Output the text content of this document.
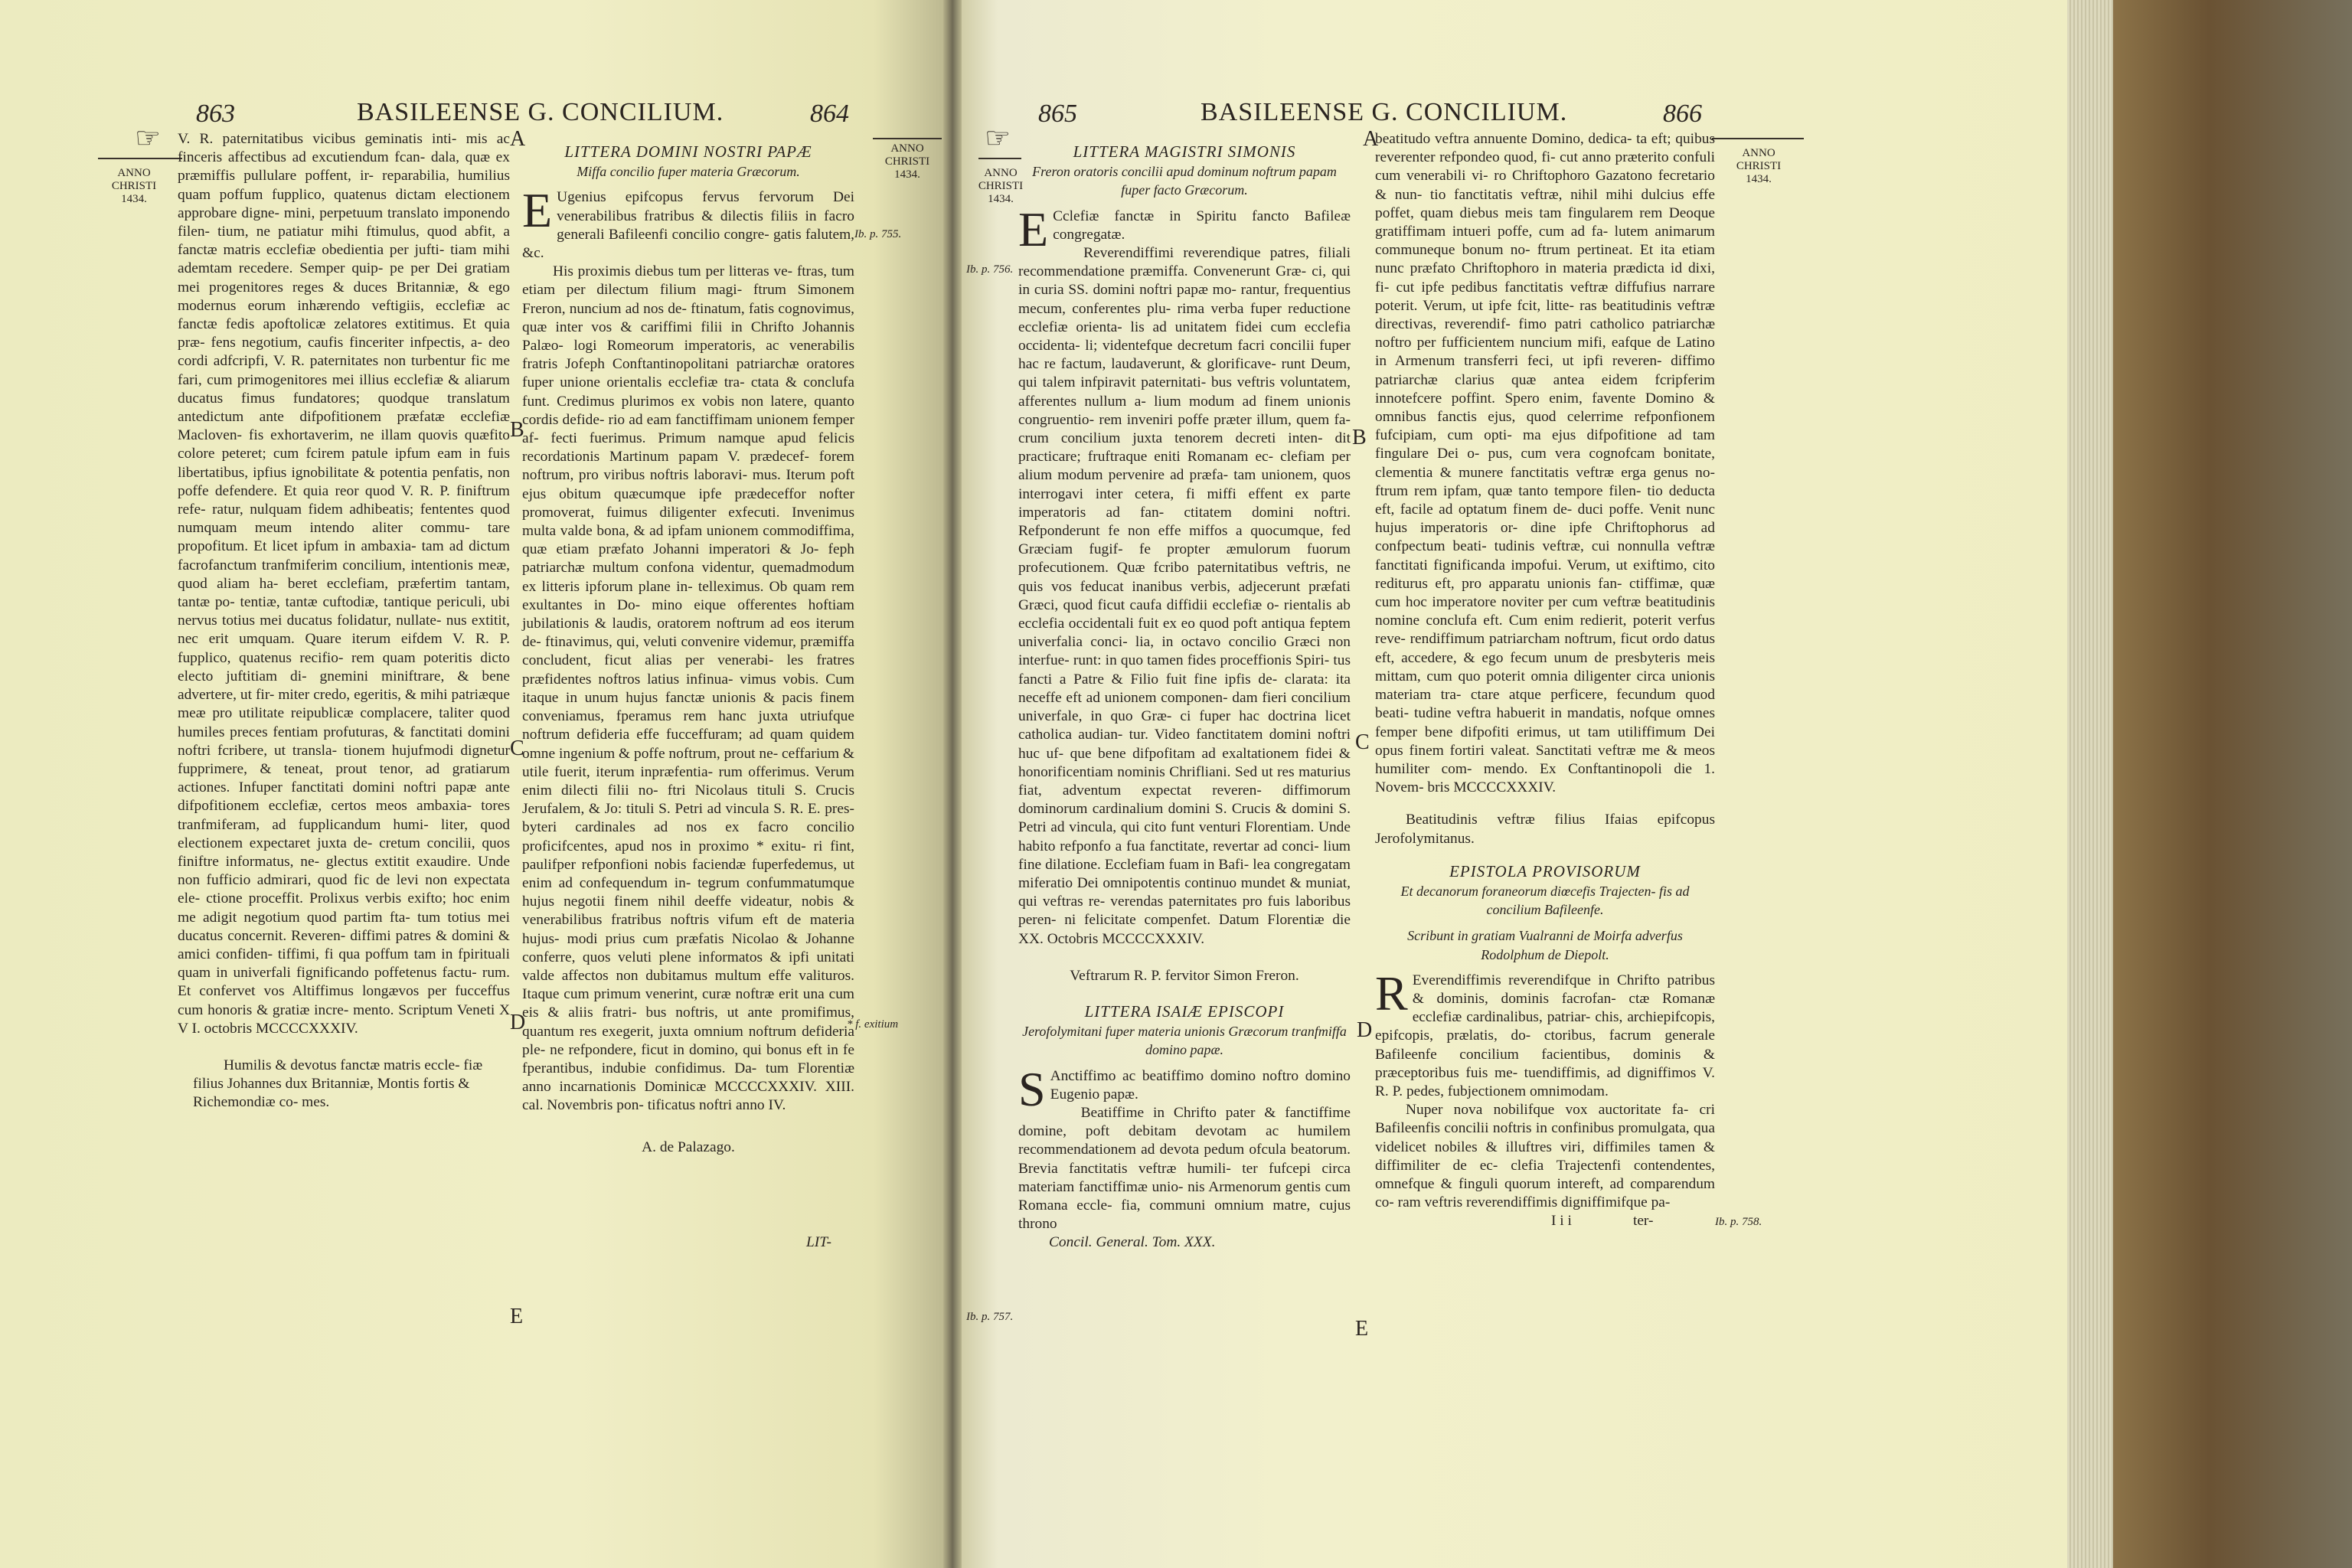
☞
863	BASILEENSE G. CONCILIUM.	864
ANNO CHRISTI 1434.
ANNO CHRISTI 1434.
A
B
C
D
E
Ib. p. 755.
* f. exitium

V. R. paternitatibus vicibus geminatis inti- mis ac finceris affectibus ad excutiendum fcan- dala, quæ ex præmiffis pullulare poffent, ir- reparabilia, humilius quam poffum fupplico, quatenus dictam electionem approbare digne- mini, perpetuum translato imponendo filen- tium, ne patiatur mihi ftimulus, quod abfit, a fanctæ matris ecclefiæ obedientia per jufti- tiam mihi ademtam recedere. Semper quip- pe per Dei gratiam mei progenitores reges & duces Britanniæ, & ego modernus eorum inhærendo veftigiis, ecclefiæ ac fanctæ fedis apoftolicæ zelatores extitimus. Et quia præ- fens negotium, caufis finceriter infpectis, a- deo cordi adfcripfi, V. R. paternitates non turbentur fic me fari, cum primogenitores mei illius ecclefiæ & aliarum ducatus fimus fundatores; quodque translatum antedictum ante difpofitionem præfatæ ecclefiæ Macloven- fis exhortaverim, ne illam quovis quæfito colore peteret; cum fcirem patule ipfum eam in fuis libertatibus, ipfius ignobilitate & potentia penfatis, non poffe defendere. Et quia reor quod V. R. P. finiftrum refe- ratur, nulquam fidem adhibeatis; fententes quod numquam meum intendo aliter commu- tare propofitum. Et licet ipfum in ambaxia- tam ad dictum facrofanctum tranfmiferim concilium, intentionis meæ, quod aliam ha- beret ecclefiam, præfertim tantam, tantæ po- tentiæ, tantæ cuftodiæ, tantique periculi, ubi nervus totius mei ducatus folidatur, nullate- nus extitit, nec erit umquam. Quare iterum eifdem V. R. P. fupplico, quatenus recifio- rem quam poteritis dicto electo juftitiam di- gnemini miniftrare, & bene advertere, ut fir- miter credo, egeritis, & mihi patriæque meæ pro utilitate reipublicæ complacere, taliter quod humiles preces fentiam profuturas, & fanctitati domini noftri fcribere, ut transla- tionem hujufmodi dignetur fupprimere, & teneat, prout tenor, ad gratiarum actiones. Infuper fanctitati domini noftri papæ ante difpofitionem ecclefiæ, certos meos ambaxia- tores tranfmiferam, ad fupplicandum humi- liter, quod electionem expectaret juxta de- cretum concilii, quos finiftre informatus, ne- glectus extitit exaudire. Unde non fufficio admirari, quod fic de levi non expectata ele- ctione proceffit. Prolixus verbis exifto; hoc enim me adigit negotium quod partim fta- tum totius mei ducatus concernit. Reveren- diffimi patres & domini & amici confiden- tiffimi, fi qua poffum tam in fpirituali quam in univerfali fignificando poffetenus factu- rum. Et confervet vos Altiffimus longævos per fucceffus cum honoris & gratiæ incre- mento. Scriptum Veneti X V I. octobris MCCCCXXXIV.

Humilis & devotus fanctæ matris eccle- fiæ filius Johannes dux Britanniæ, Montis fortis & Richemondiæ co- mes.

LITTERA DOMINI NOSTRI PAPÆ

Miffa concilio fuper materia Græcorum.

E Ugenius epifcopus fervus fervorum Dei venerabilibus fratribus & dilectis filiis in facro generali Bafileenfi concilio congre- gatis falutem, &c.

His proximis diebus tum per litteras ve- ftras, tum etiam per dilectum filium magi- ftrum Simonem Freron, nuncium ad nos de- ftinatum, fatis cognovimus, quæ inter vos & cariffimi filii in Chrifto Johannis Palæo- logi Romeorum imperatoris, ac venerabilis fratris Jofeph Conftantinopolitani patriarchæ oratores fuper unione orientalis ecclefiæ tra- ctata & conclufa funt. Credimus plurimos ex vobis non latere, quanto cordis defide- rio ad eam fanctiffimam unionem femper af- fecti fuerimus. Primum namque apud felicis recordationis Martinum papam V. prædecef- forem noftrum, pro viribus noftris laboravi- mus. Iterum poft ejus obitum quæcumque ipfe prædeceffor nofter promoverat, fuimus diligenter exfecuti. Invenimus multa valde bona, & ad ipfam unionem commodiffima, quæ etiam præfato Johanni imperatori & Jo- feph patriarchæ multum confona videntur, quemadmodum ex litteris ipforum plane in- telleximus. Ob quam rem exultantes in Do- mino eique offerentes hoftiam jubilationis & laudis, oratorem noftrum ad eos iterum de- ftinavimus, qui, veluti convenire videmur, præmiffa concludent, ficut alias per venerabi- les fratres præfidentes noftros latius infinua- vimus vobis. Cum itaque in unum hujus fanctæ unionis & pacis finem conveniamus, fperamus rem hanc juxta utriufque noftrum defideria effe fucceffuram; ad quam quidem omne ingenium & poffe noftrum, prout ne- ceffarium & utile fuerit, iterum inpræfentia- rum offerimus. Verum enim dilecti filii no- ftri Nicolaus tituli S. Crucis Jerufalem, & Jo: tituli S. Petri ad vincula S. R. E. pres- byteri cardinales ad nos ex facro concilio proficifcentes, apud nos in proximo * exitu- ri fint, paulifper refponfioni nobis faciendæ fuperfedemus, ut enim ad confequendum in- tegrum confummatumque hujus negotii finem nihil deeffe videatur, nobis & venerabilibus fratribus noftris vifum eft de materia hujus- modi prius cum præfatis Nicolao & Johanne conferre, quos veluti plene informatos & ipfi unitati valde affectos non dubitamus multum effe valituros. Itaque cum primum venerint, curæ noftræ erit una cum eis & aliis fratri- bus noftris, ut ante promifimus, quantum res exegerit, juxta omnium noftrum defideria ple- ne refpondere, ficut in domino, qui bonus eft in fe fperantibus, indubie confidimus. Da- tum Florentiæ anno incarnationis Dominicæ MCCCCXXXIV. XIII. cal. Novembris pon- tificatus noftri anno IV.

A. de Palazago.

LIT-

☞
865	BASILEENSE G. CONCILIUM.	866
ANNO CHRISTI 1434.
ANNO CHRISTI 1434.
A
B
C
D
E
Ib. p. 756.
Ib. p. 757.
Ib. p. 758.

LITTERA MAGISTRI SIMONIS

Freron oratoris concilii apud dominum noftrum papam fuper facto Græcorum.

E Cclefiæ fanctæ in Spiritu fancto Bafileæ congregatæ.

Reverendiffimi reverendique patres, filiali recommendatione præmiffa. Convenerunt Græ- ci, qui in curia SS. domini noftri papæ mo- rantur, frequentius mecum, conferentes plu- rima verba fuper reductione ecclefiæ orienta- lis ad unitatem fidei cum ecclefia occidenta- li; videntefque decretum facri concilii fuper hac re factum, laudaverunt, & glorificave- runt Deum, qui talem infpiravit paternitati- bus veftris voluntatem, afferentes nullum a- lium modum ad finem unionis congruentio- rem inveniri poffe præter illum, quem fa- crum concilium juxta tenorem decreti inten- dit practicare; fruftraque eniti Romanam ec- clefiam per alium modum pervenire ad præfa- tam unionem, quos interrogavi inter cetera, fi miffi effent ex parte imperatoris ad fan- ctitatem domini noftri. Refponderunt fe non effe miffos a quocumque, fed Græciam fugif- fe propter æmulorum fuorum profecutionem. Quæ fcribo paternitatibus veftris, ne quis vos feducat inanibus verbis, adjecerunt præfati Græci, quod ficut caufa diffidii ecclefiæ o- rientalis ab ecclefia occidentali fuit ex eo quod poft antiqua feptem univerfalia conci- lia, in octavo concilio Græci non interfue- runt: in quo tamen fides proceffionis Spiri- tus fancti a Patre & Filio fuit fine ipfis de- clarata: ita neceffe eft ad unionem componen- dam fieri concilium univerfale, in quo Græ- ci fuper hac doctrina licet catholica audian- tur. Video fanctitatem domini noftri huc uf- que bene difpofitam ad exaltationem fidei & honorificentiam nominis Chrifliani. Sed ut res maturius fiat, adventum expectat reveren- diffimorum dominorum cardinalium domini S. Crucis & domini S. Petri ad vincula, qui cito funt venturi Florentiam. Unde habito refponfo a fua fanctitate, revertar ad conci- lium fine dilatione. Ecclefiam fuam in Bafi- lea congregatam miferatio Dei omnipotentis continuo mundet & muniat, qui veftras re- verendas paternitates pro fuis laboribus peren- ni felicitate compenfet. Datum Florentiæ die XX. Octobris MCCCCXXXIV.

Veftrarum R. P. fervitor Simon Freron.

LITTERA ISAIÆ EPISCOPI

Jerofolymitani fuper materia unionis Græcorum tranfmiffa domino papæ.

S Anctiffimo ac beatiffimo domino noftro domino Eugenio papæ.

Beatiffime in Chrifto pater & fanctiffime domine, poft debitam devotam ac humilem recommendationem ad devota pedum ofcula beatorum. Brevia fanctitatis veftræ humili- ter fufcepi circa materiam fanctiffimæ unio- nis Armenorum gentis cum Romana eccle- fia, communi omnium matre, cujus throno

Concil. General. Tom. XXX.

beatitudo veftra annuente Domino, dedica- ta eft; quibus reverenter refpondeo quod, fi- cut anno præterito confuli cum venerabili vi- ro Chriftophoro Gazatono fecretario & nun- tio fanctitatis veftræ, nihil mihi dulcius effe poffet, quam diebus meis tam fingularem rem Deoque gratiffimam intueri poffe, cum ad fa- lutem animarum communeque bonum no- ftrum pertineat. Et ita etiam nunc præfato Chriftophoro in materia prædicta id dixi, fi- cut ipfe pedibus fanctitatis veftræ diffufius narrare poterit. Verum, ut ipfe fcit, litte- ras beatitudinis veftræ directivas, reverendif- fimo patri catholico patriarchæ noftro per fufficientem nuncium mifi, eafque de Latino in Armenum transferri feci, ut ipfi reveren- diffimo patriarchæ clarius quæ antea eidem fcripferim innotefcere poffint. Spero enim, favente Domino & omnibus fanctis ejus, quod celerrime refponfionem fufcipiam, cum opti- ma ejus difpofitione ad tam fingulare Dei o- pus, cum vera cognofcam bonitate, clementia & munere fanctitatis veftræ erga genus no- ftrum rem ipfam, quæ tanto tempore filen- tio deducta eft, facile ad optatum finem de- duci poffe. Venit nunc hujus imperatoris or- dine ipfe Chriftophorus ad confpectum beati- tudinis veftræ, cui nonnulla veftræ fanctitati fignificanda impofui. Verum, ut exiftimo, cito rediturus eft, pro apparatu unionis fan- ctiffimæ, quæ cum hoc imperatore noviter per cum veftræ beatitudinis nomine conclufa eft. Cum enim redierit, poterit verfus reve- rendiffimum patriarcham noftrum, ficut ordo datus eft, accedere, & ego fecum unum de presbyteris meis mittam, cum quo poterit omnia diligenter circa unionis materiam tra- ctare atque perficere, fecundum quod beati- tudine veftra habuerit in mandatis, nofque omnes femper bene difpofiti erimus, ut tam utiliffimum Dei opus finem fortiri valeat. Sanctitati veftræ me & meos humiliter com- mendo. Ex Conftantinopoli die 1. Novem- bris MCCCCXXXIV.

Beatitudinis veftræ filius Ifaias epifcopus Jerofolymitanus.

EPISTOLA PROVISORUM

Et decanorum foraneorum diœcefis Trajecten- fis ad concilium Bafileenfe.

Scribunt in gratiam Vualranni de Moirfa adverfus Rodolphum de Diepolt.

R Everendiffimis reverendifque in Chrifto patribus & dominis, dominis facrofan- ctæ Romanæ ecclefiæ cardinalibus, patriar- chis, archiepifcopis, epifcopis, prælatis, do- ctoribus, facrum generale Bafileenfe concilium facientibus, dominis & præceptoribus fuis me- tuendiffimis, ad digniffimos V. R. P. pedes, fubjectionem omnimodam.

Nuper nova nobilifque vox auctoritate fa- cri Bafileenfis concilii noftris in confinibus promulgata, qua videlicet nobiles & illuftres viri, diffimiles tamen & diffimiliter de ec- clefia Trajectenfi contendentes, omnefque & finguli quorum intereft, ad comparendum co- ram veftris reverendiffimis digniffimifque pa-

I i i	ter-
